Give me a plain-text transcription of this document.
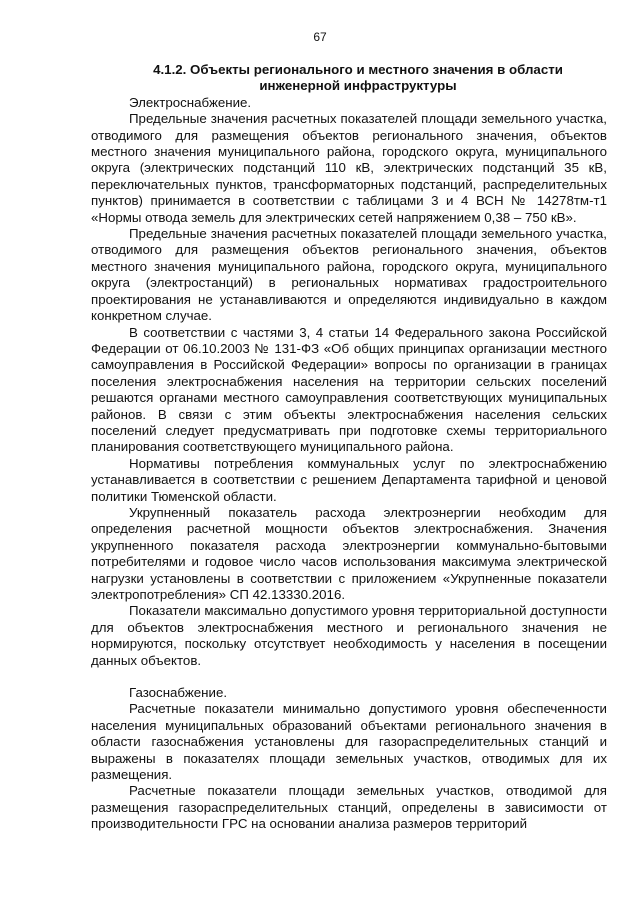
67
4.1.2. Объекты регионального и местного значения в области
инженерной инфраструктуры

Электроснабжение.

Предельные значения расчетных показателей площади земельного участка, отводимого для размещения объектов регионального значения, объектов местного значения муниципального района, городского округа, муниципального округа (электрических подстанций 110 кВ, электрических подстанций 35 кВ, переключательных пунктов, трансформаторных подстанций, распределительных пунктов) принимается в соответствии с таблицами 3 и 4 ВСН № 14278тм-т1 «Нормы отвода земель для электрических сетей напряжением 0,38 – 750 кВ».

Предельные значения расчетных показателей площади земельного участка, отводимого для размещения объектов регионального значения, объектов местного значения муниципального района, городского округа, муниципального округа (электростанций) в региональных нормативах градостроительного проектирования не устанавливаются и определяются индивидуально в каждом конкретном случае.

В соответствии с частями 3, 4 статьи 14 Федерального закона Российской Федерации от 06.10.2003 № 131-ФЗ «Об общих принципах организации местного самоуправления в Российской Федерации» вопросы по организации в границах поселения электроснабжения населения на территории сельских поселений решаются органами местного самоуправления соответствующих муниципальных районов. В связи с этим объекты электроснабжения населения сельских поселений следует предусматривать при подготовке схемы территориального планирования соответствующего муниципального района.

Нормативы потребления коммунальных услуг по электроснабжению устанавливается в соответствии с решением Департамента тарифной и ценовой политики Тюменской области.

Укрупненный показатель расхода электроэнергии необходим для определения расчетной мощности объектов электроснабжения. Значения укрупненного показателя расхода электроэнергии коммунально-бытовыми потребителями и годовое число часов использования максимума электрической нагрузки установлены в соответствии с приложением «Укрупненные показатели электропотребления» СП 42.13330.2016.

Показатели максимально допустимого уровня территориальной доступности для объектов электроснабжения местного и регионального значения не нормируются, поскольку отсутствует необходимость у населения в посещении данных объектов.

Газоснабжение.

Расчетные показатели минимально допустимого уровня обеспеченности населения муниципальных образований объектами регионального значения в области газоснабжения установлены для газораспределительных станций и выражены в показателях площади земельных участков, отводимых для их размещения.

Расчетные показатели площади земельных участков, отводимой для размещения газораспределительных станций, определены в зависимости от производительности ГРС на основании анализа размеров территорий
